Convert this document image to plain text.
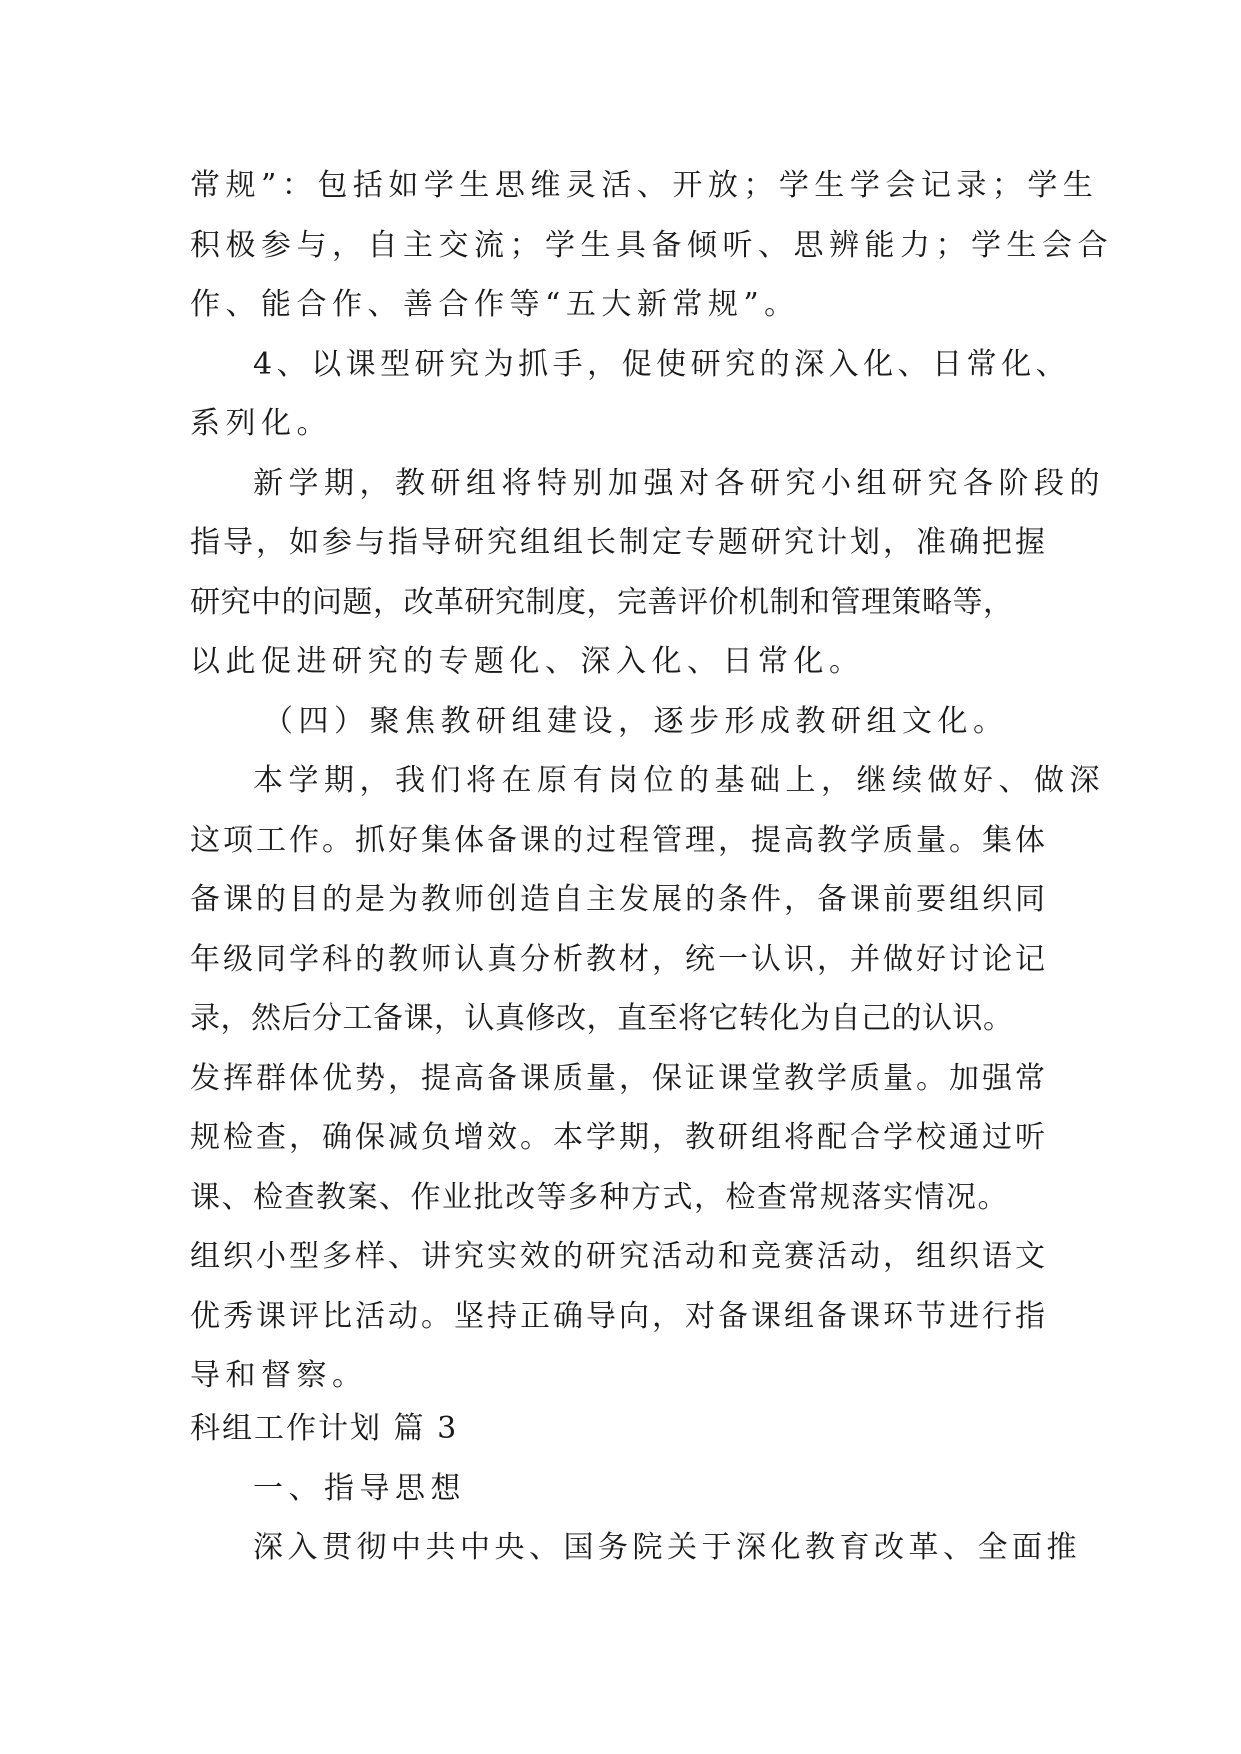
常规”：包括如学生思维灵活、开放；学生学会记录；学生
积极参与，自主交流；学生具备倾听、思辨能力；学生会合
作、能合作、善合作等“五大新常规”。
4、以课型研究为抓手，促使研究的深入化、日常化、
系列化。
新学期，教研组将特别加强对各研究小组研究各阶段的
指导，如参与指导研究组组长制定专题研究计划，准确把握
研究中的问题，改革研究制度，完善评价机制和管理策略等，
以此促进研究的专题化、深入化、日常化。
（四）聚焦教研组建设，逐步形成教研组文化。
本学期，我们将在原有岗位的基础上，继续做好、做深
这项工作。抓好集体备课的过程管理，提高教学质量。集体
备课的目的是为教师创造自主发展的条件，备课前要组织同
年级同学科的教师认真分析教材，统一认识，并做好讨论记
录，然后分工备课，认真修改，直至将它转化为自己的认识。
发挥群体优势，提高备课质量，保证课堂教学质量。加强常
规检查，确保减负增效。本学期，教研组将配合学校通过听
课、检查教案、作业批改等多种方式，检查常规落实情况。
组织小型多样、讲究实效的研究活动和竞赛活动，组织语文
优秀课评比活动。坚持正确导向，对备课组备课环节进行指
导和督察。
科组工作计划 篇 3
一、指导思想
深入贯彻中共中央、国务院关于深化教育改革、全面推
